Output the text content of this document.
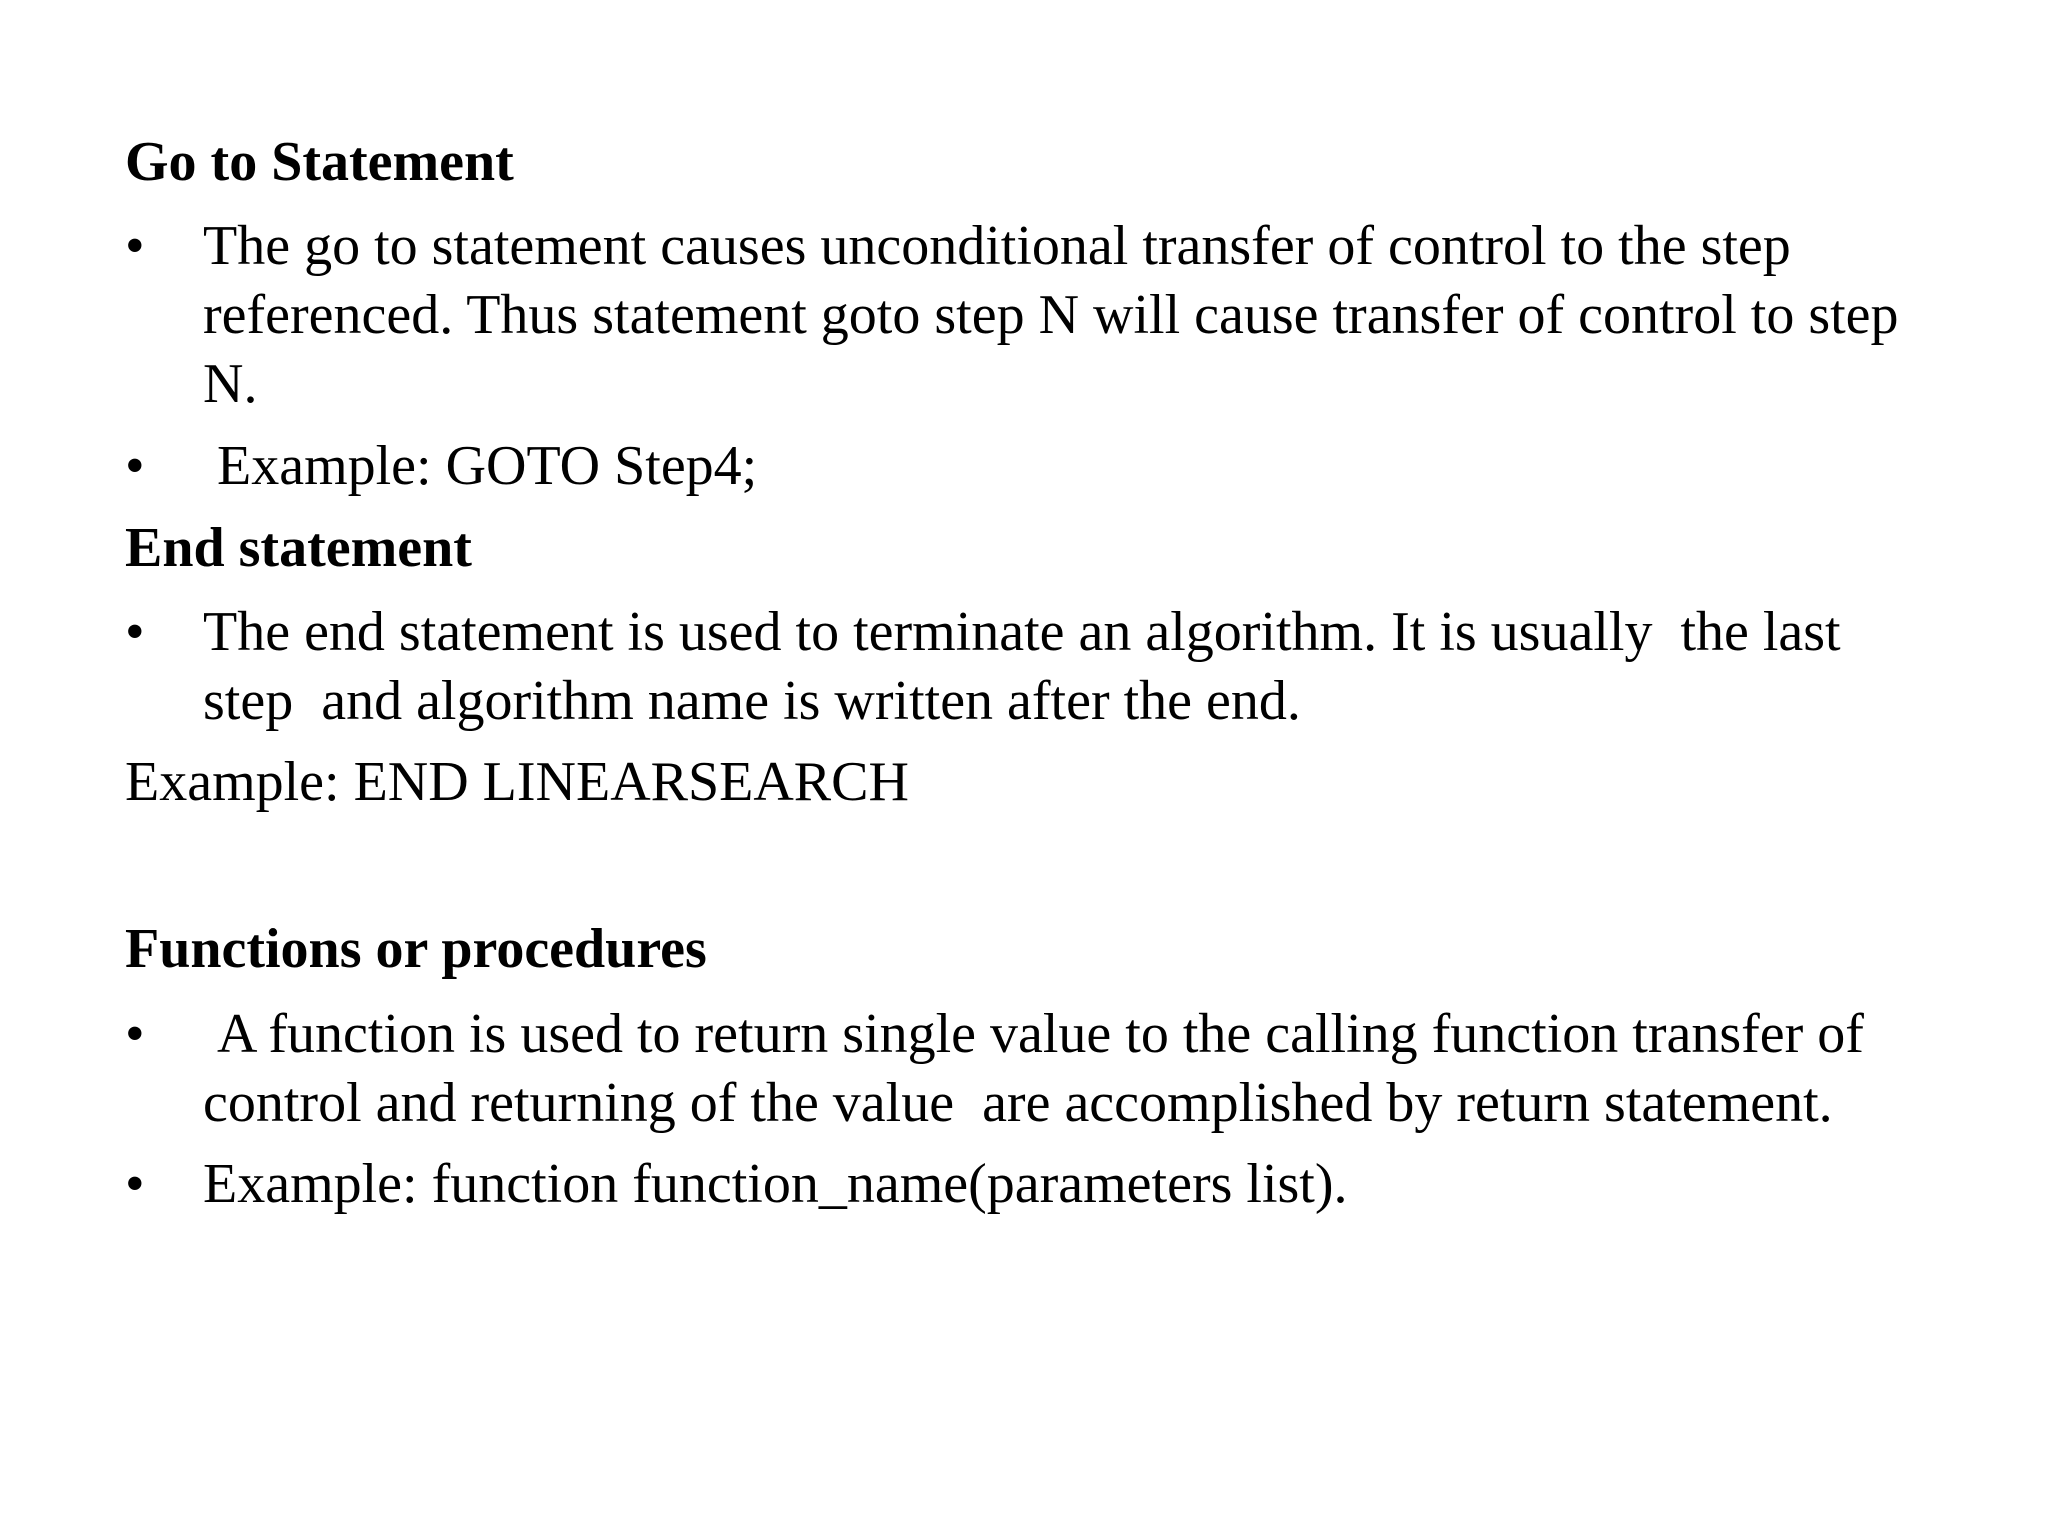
Go to Statement
• The go to statement causes unconditional transfer of control to the step referenced. Thus statement goto step N will cause transfer of control to step N.
• Example: GOTO Step4;
End statement
• The end statement is used to terminate an algorithm. It is usually  the last step  and algorithm name is written after the end.
Example: END LINEARSEARCH
Functions or procedures
• A function is used to return single value to the calling function transfer of control and returning of the value  are accomplished by return statement.
• Example: function function_name(parameters list).
